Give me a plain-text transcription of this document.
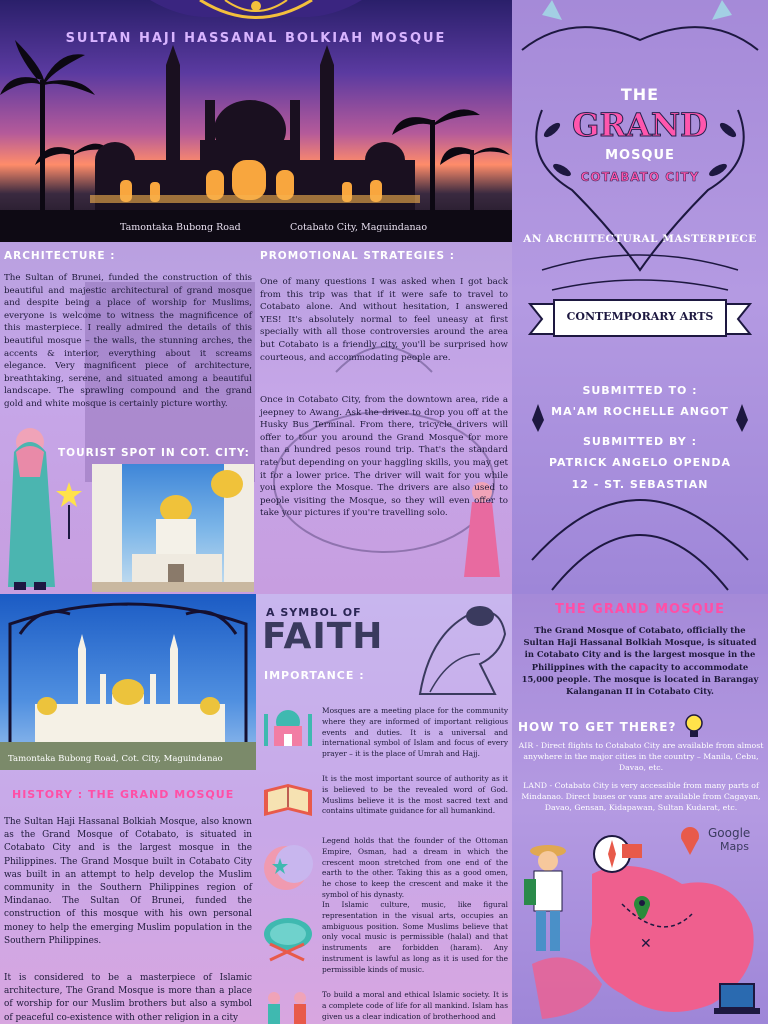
SULTAN HAJI HASSANAL BOLKIAH MOSQUE
Tamontaka Bubong Road	Cotabato City, Maguindanao
THE
GRAND
MOSQUE
COTABATO CITY
AN ARCHITECTURAL MASTERPIECE
CONTEMPORARY ARTS
SUBMITTED TO :
MA'AM ROCHELLE ANGOT
SUBMITTED BY :
PATRICK ANGELO OPENDA
12 - ST. SEBASTIAN
ARCHITECTURE :
The Sultan of Brunei, funded the construction of this beautiful and majestic architectural of grand mosque and despite being a place of worship for Muslims, everyone is welcome to witness the magnificence of this masterpiece. I really admired the details of this beautiful mosque – the walls, the stunning arches, the accents & interior, everything about it screams elegance. Very magnificent piece of architecture, breathtaking, serene, and situated among a beautiful landscape. The sprawling compound and the grand gold and white mosque is certainly picture worthy.
TOURIST SPOT IN COT. CITY:
PROMOTIONAL STRATEGIES :
One of many questions I was asked when I got back from this trip was that if it were safe to travel to Cotabato alone. And without hesitation, I answered YES! It's absolutely normal to feel uneasy at first specially with all those controversies around the area but Cotabato is a friendly city, you'll be surprised how courteous, and accommodating people are.
Once in Cotabato City, from the downtown area, ride a jeepney to Awang. Ask the driver to drop you off at the Husky Bus Terminal. From there, tricycle drivers will offer to tour you around the Grand Mosque for more than a hundred pesos round trip. That's the standard rate but depending on your haggling skills, you may get it for a lower price. The driver will wait for you while you explore the Mosque. The drivers are also used to people visiting the Mosque, so they will even offer to take your pictures if you're travelling solo.
Tamontaka Bubong Road, Cot. City, Maguindanao
HISTORY : THE GRAND MOSQUE
The Sultan Haji Hassanal Bolkiah Mosque, also known as the Grand Mosque of Cotabato, is situated in Cotabato City and is the largest mosque in the Philippines. The Grand Mosque built in Cotabato City was built in an attempt to help develop the Muslim community in the Southern Philippines region of Mindanao. The Sultan Of Brunei, funded the construction of this mosque with his own personal money to help the emerging Muslim population in the Southern Philippines.
It is considered to be a masterpiece of Islamic architecture, The Grand Mosque is more than a place of worship for our Muslim brothers but also a symbol of peaceful co-existence with other religion in a city
A SYMBOL OF
FAITH
IMPORTANCE :
Mosques are a meeting place for the community where they are informed of important religious events and duties. It is a universal and international symbol of Islam and focus of every prayer – it is the place of Umrah and Hajj.
It is the most important source of authority as it is believed to be the revealed word of God. Muslims believe it is the most sacred text and contains ultimate guidance for all humankind.
Legend holds that the founder of the Ottoman Empire, Osman, had a dream in which the crescent moon stretched from one end of the earth to the other. Taking this as a good omen, he chose to keep the crescent and make it the symbol of his dynasty.
In Islamic culture, music, like figural representation in the visual arts, occupies an ambiguous position. Some Muslims believe that only vocal music is permissible (halal) and that instruments are forbidden (haram). Any instrument is lawful as long as it is used for the permissible kinds of music.
To build a moral and ethical Islamic society. It is a complete code of life for all mankind. Islam has given us a clear indication of brotherhood and
THE GRAND MOSQUE
The Grand Mosque of Cotabato, officially the Sultan Haji Hassanal Bolkiah Mosque, is situated in Cotabato City and is the largest mosque in the Philippines with the capacity to accommodate 15,000 people. The mosque is located in Barangay Kalanganan II in Cotabato City.
HOW TO GET THERE?
AIR - Direct flights to Cotabato City are available from almost anywhere in the major cities in the country – Manila, Cebu, Davao, etc.
LAND - Cotabato City is very accessible from many parts of Mindanao. Direct buses or vans are available from Cagayan, Davao, Gensan, Kidapawan, Sultan Kudarat, etc.
✕
Google
Maps
